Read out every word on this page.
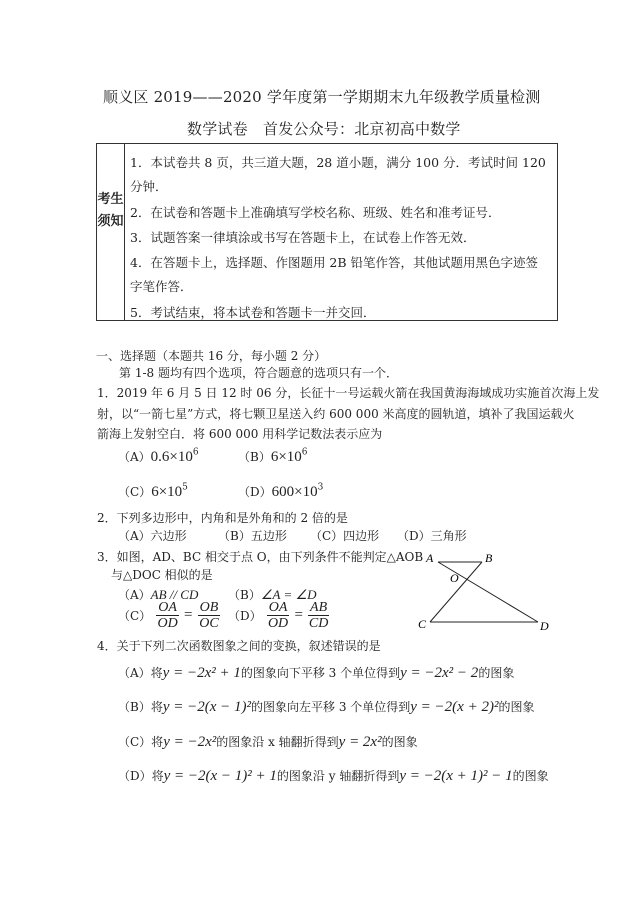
顺义区 2019——2020 学年度第一学期期末九年级教学质量检测
数学试卷　首发公众号：北京初高中数学
考生须知
1．本试卷共 8 页，共三道大题，28 道小题，满分 100 分．考试时间 120
分钟．
2．在试卷和答题卡上准确填写学校名称、班级、姓名和准考证号．
3．试题答案一律填涂或书写在答题卡上，在试卷上作答无效．
4．在答题卡上，选择题、作图题用 2B 铅笔作答，其他试题用黑色字迹签
字笔作答．
5．考试结束，将本试卷和答题卡一并交回．
一、选择题（本题共 16 分，每小题 2 分）
第 1-8 题均有四个选项，符合题意的选项只有一个．
1．2019 年 6 月 5 日 12 时 06 分，长征十一号运载火箭在我国黄海海域成功实施首次海上发
射，以“一箭七星”方式，将七颗卫星送入约 600 000 米高度的圆轨道，填补了我国运载火
箭海上发射空白．将 600 000 用科学记数法表示应为
$(A)0.6\times 10^6$	$(B)6\times 10^6$
$(C)6\times 10^5$	$(D)600\times 10^3$
2．下列多边形中，内角和是外角和的 2 倍的是
（A）六边形	（B）五边形 （C）四边形 （D）三角形
3．如图，AD、BC 相交于点 O，由下列条件不能判定△AOB
与△DOC 相似的是
（A）AB // CD （B）∠A = ∠D
$(C) \frac{OA}{OD} = \frac{OB}{OC} (D) \frac{OA}{OD} = \frac{AB}{CD}$
A	B
O
C	D
4．关于下列二次函数图象之间的变换，叙述错误的是
（A）将y = −2x² + 1的图象向下平移 3 个单位得到y = −2x² − 2的图象
（B）将y = −2(x − 1)²的图象向左平移 3 个单位得到y = −2(x + 2)²的图象
（C）将y = −2x²的图象沿 x 轴翻折得到y = 2x²的图象
（D）将y = −2(x − 1)² + 1的图象沿 y 轴翻折得到y = −2(x + 1)² − 1的图象
